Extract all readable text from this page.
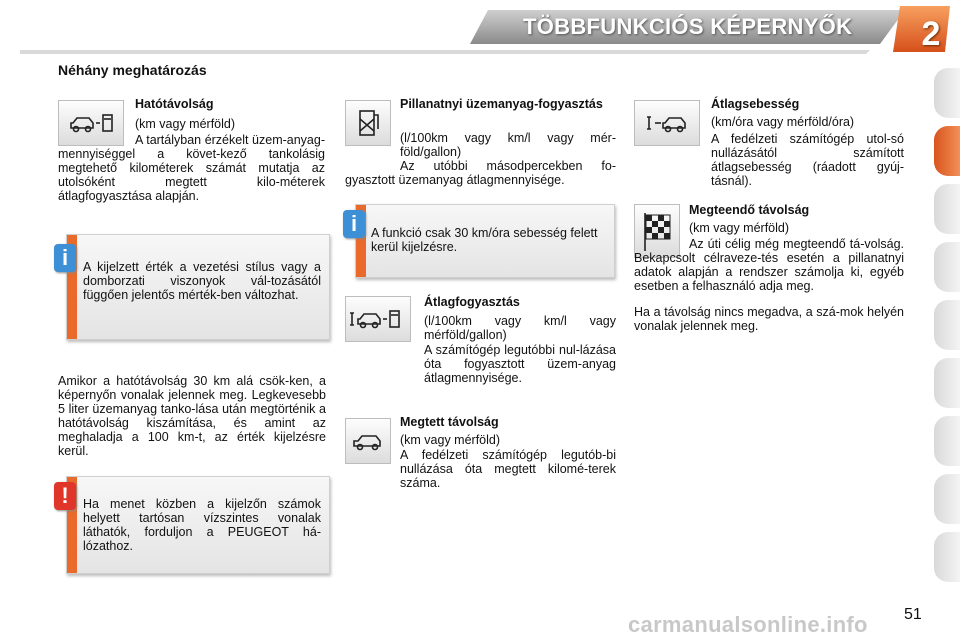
TÖBBFUNKCIÓS KÉPERNYŐK 2
Néhány meghatározás
Hatótávolság
(km vagy mérföld)
A tartályban érzékelt üzem-anyag-mennyiséggel a követ-kező tankolásig megtehető kilométerek számát mutatja az utolsóként megtett kilo-méterek átlagfogyasztása alapján.
A kijelzett érték a vezetési stílus vagy a domborzati viszonyok vál-tozásától függően jelentős mérték-ben változhat.
i
Amikor a hatótávolság 30 km alá csök-ken, a képernyőn vonalak jelennek meg. Legkevesebb 5 liter üzemanyag tanko-lása után megtörténik a hatótávolság kiszámítása, és amint az meghaladja a 100 km-t, az érték kijelzésre kerül.
Ha menet közben a kijelzőn számok helyett tartósan vízszintes vonalak láthatók, forduljon a PEUGEOT há-lózathoz.
!
Pillanatnyi üzemanyag-fogyasztás
(l/100km vagy km/l vagy mér-föld/gallon)
Az utóbbi másodpercekben fo-gyasztott üzemanyag átlagmennyisége.
A funkció csak 30 km/óra sebesség felett kerül kijelzésre.
i
Átlagfogyasztás
(l/100km vagy km/l vagy mérföld/gallon)
A számítógép legutóbbi nul-lázása óta fogyasztott üzem-anyag átlagmennyisége.
Megtett távolság
(km vagy mérföld)
A fedélzeti számítógép legutób-bi nullázása óta megtett kilomé-terek száma.
Átlagsebesség
(km/óra vagy mérföld/óra)
A fedélzeti számítógép utol-só nullázásától számított átlagsebesség (ráadott gyúj-tásnál).
Megteendő távolság
(km vagy mérföld)
Az úti célig még megteendő tá-volság. Bekapcsolt célraveze-tés esetén a pillanatnyi adatok alapján a rendszer számolja ki, egyéb esetben a felhasználó adja meg.
Ha a távolság nincs megadva, a szá-mok helyén vonalak jelennek meg.
carmanualsonline.info 51
